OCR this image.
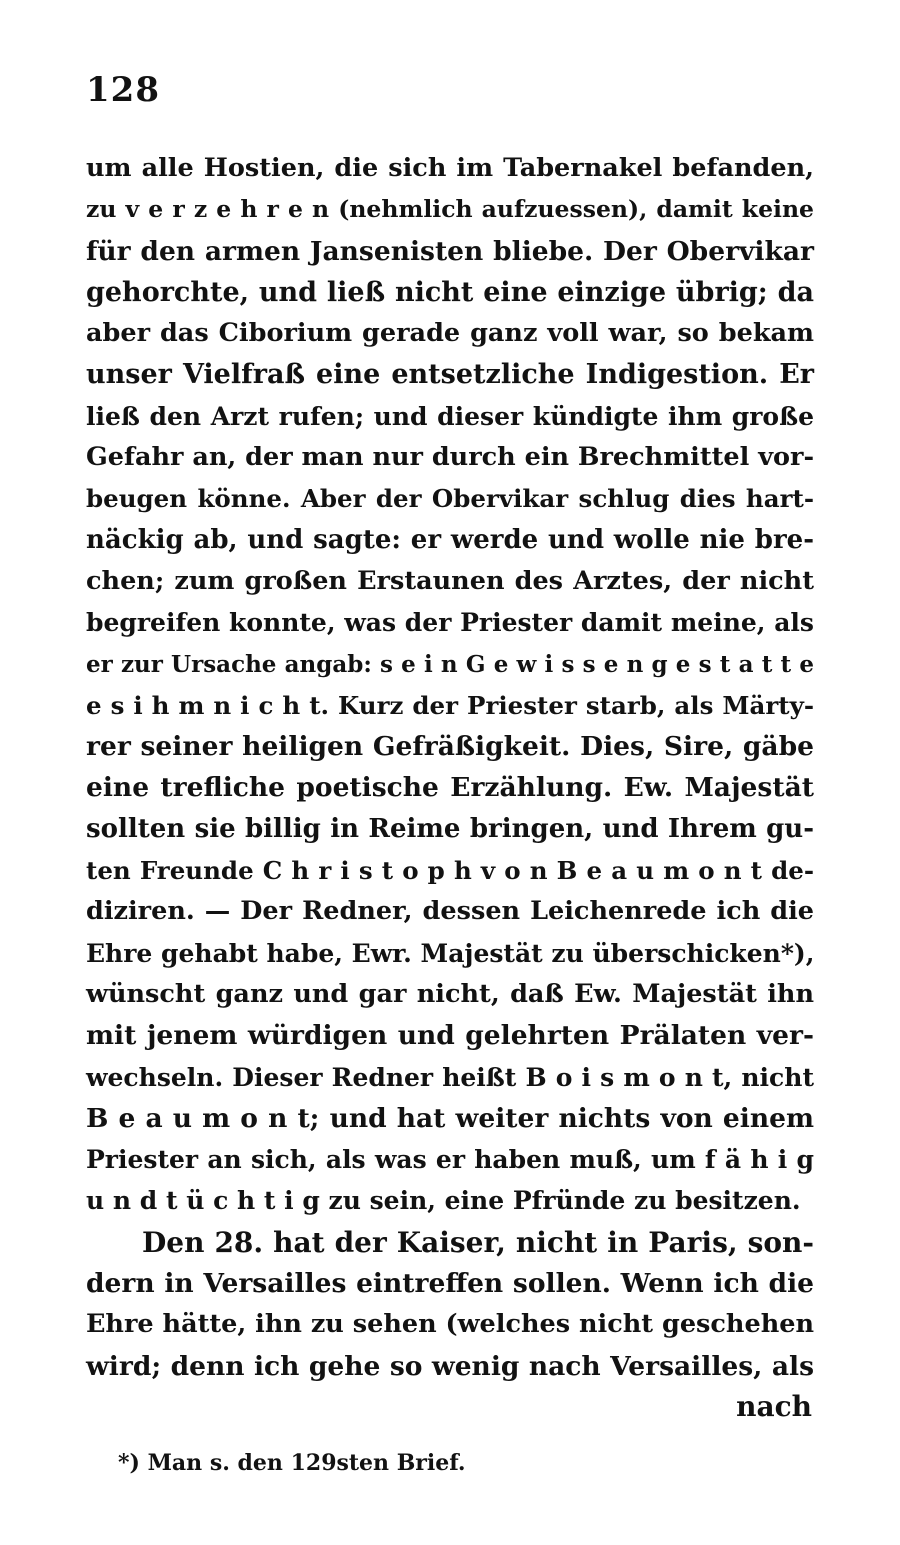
128
um alle Hostien, die sich im Tabernakel befanden,
zu v e r z e h r e n (nehmlich aufzuessen), damit keine
für den armen Jansenisten bliebe. Der Obervikar
gehorchte, und ließ nicht eine einzige übrig; da
aber das Ciborium gerade ganz voll war, so bekam
unser Vielfraß eine entsetzliche Indigestion. Er
ließ den Arzt rufen; und dieser kündigte ihm große
Gefahr an, der man nur durch ein Brechmittel vor-
beugen könne. Aber der Obervikar schlug dies hart-
näckig ab, und sagte: er werde und wolle nie bre-
chen; zum großen Erstaunen des Arztes, der nicht
begreifen konnte, was der Priester damit meine, als
er zur Ursache angab: s e i n G e w i s s e n g e s t a t t e
e s i h m n i c h t. Kurz der Priester starb, als Märty-
rer seiner heiligen Gefräßigkeit. Dies, Sire, gäbe
eine trefliche poetische Erzählung. Ew. Majestät
sollten sie billig in Reime bringen, und Ihrem gu-
ten Freunde C h r i s t o p h v o n B e a u m o n t de-
diziren. — Der Redner, dessen Leichenrede ich die
Ehre gehabt habe, Ewr. Majestät zu überschicken*),
wünscht ganz und gar nicht, daß Ew. Majestät ihn
mit jenem würdigen und gelehrten Prälaten ver-
wechseln. Dieser Redner heißt B o i s m o n t, nicht
B e a u m o n t; und hat weiter nichts von einem
Priester an sich, als was er haben muß, um f ä h i g
u n d t ü c h t i g zu sein, eine Pfründe zu besitzen.
Den 28. hat der Kaiser, nicht in Paris, son-
dern in Versailles eintreffen sollen. Wenn ich die
Ehre hätte, ihn zu sehen (welches nicht geschehen
wird; denn ich gehe so wenig nach Versailles, als
nach
*) Man s. den 129sten Brief.
